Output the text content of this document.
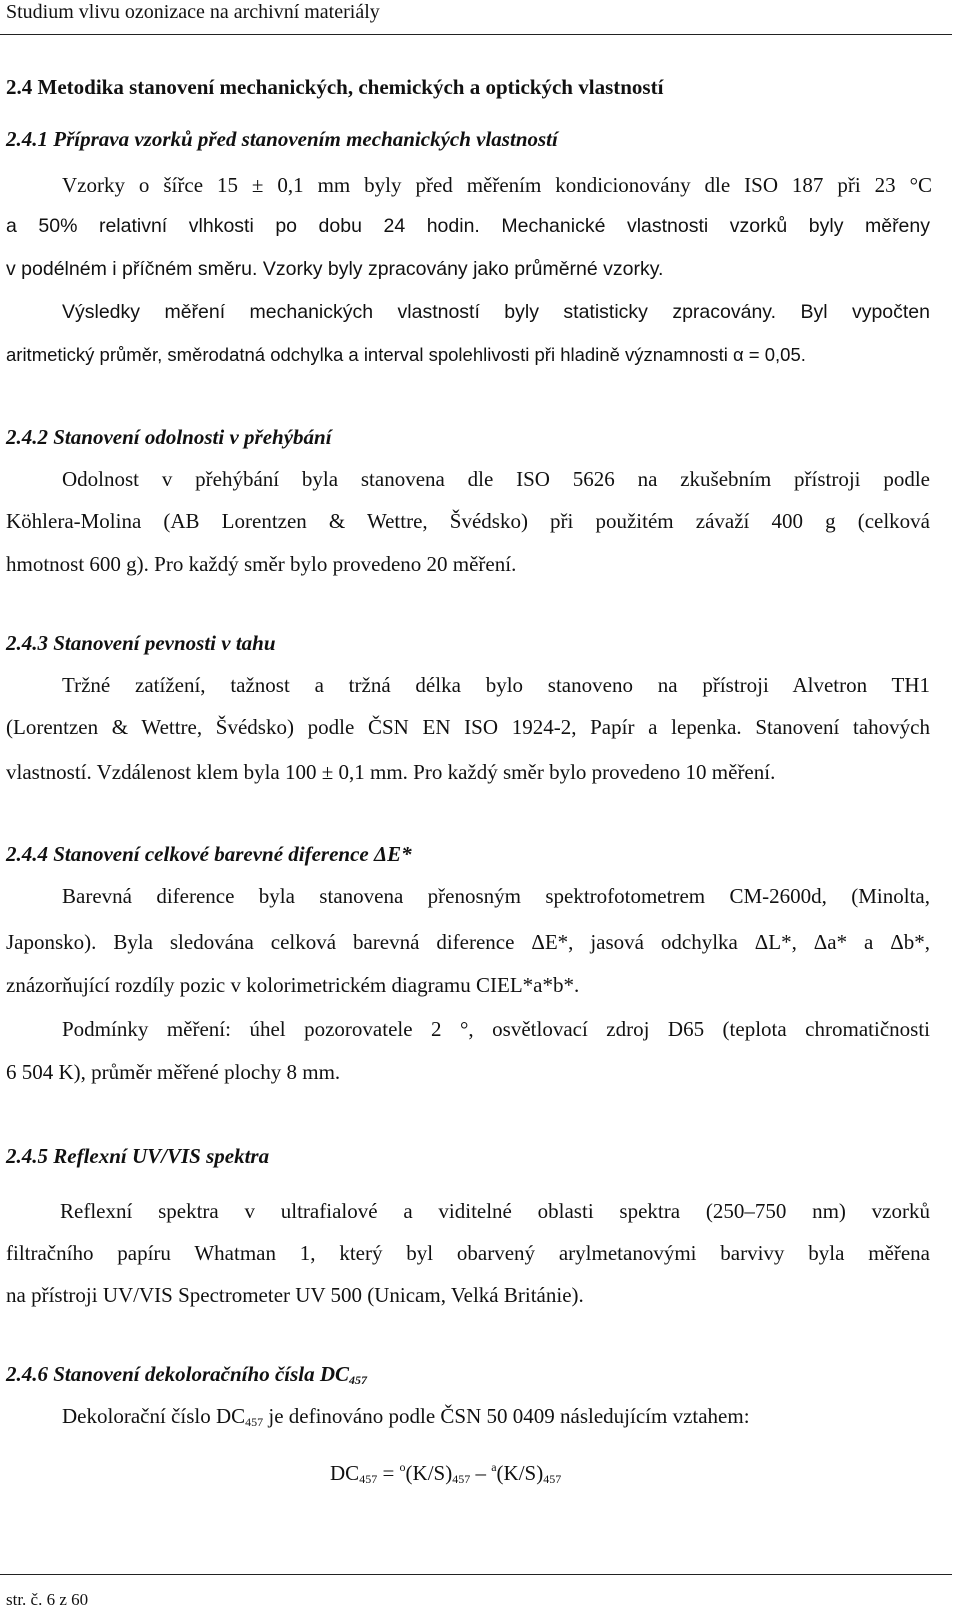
Studium vlivu ozonizace na archivní materiály
2.4 Metodika stanovení mechanických, chemických a optických vlastností
2.4.1 Příprava vzorků před stanovením mechanických vlastností
Vzorky o šířce 15 ± 0,1 mm byly před měřením kondicionovány dle ISO 187 při 23 °C
a 50% relativní vlhkosti po dobu 24 hodin. Mechanické vlastnosti vzorků byly měřeny
v podélném i příčném směru. Vzorky byly zpracovány jako průměrné vzorky.
Výsledky měření mechanických vlastností byly statisticky zpracovány. Byl vypočten
aritmetický průměr, směrodatná odchylka a interval spolehlivosti při hladině významnosti α = 0,05.
2.4.2 Stanovení odolnosti v přehýbání
Odolnost v přehýbání byla stanovena dle ISO 5626 na zkušebním přístroji podle
Köhlera-Molina (AB Lorentzen & Wettre, Švédsko) při použitém závaží 400 g (celková
hmotnost 600 g). Pro každý směr bylo provedeno 20 měření.
2.4.3 Stanovení pevnosti v tahu
Tržné zatížení, tažnost a tržná délka bylo stanoveno na přístroji Alvetron TH1
(Lorentzen & Wettre, Švédsko) podle ČSN EN ISO 1924-2, Papír a lepenka. Stanovení tahových
vlastností. Vzdálenost klem byla 100 ± 0,1 mm. Pro každý směr bylo provedeno 10 měření.
2.4.4 Stanovení celkové barevné diference ΔE*
Barevná diference byla stanovena přenosným spektrofotometrem CM-2600d, (Minolta,
Japonsko). Byla sledována celková barevná diference ΔE*, jasová odchylka ΔL*, Δa* a Δb*,
znázorňující rozdíly pozic v kolorimetrickém diagramu CIEL*a*b*.
Podmínky měření: úhel pozorovatele 2 °, osvětlovací zdroj D65 (teplota chromatičnosti
6 504 K), průměr měřené plochy 8 mm.
2.4.5 Reflexní UV/VIS spektra
Reflexní spektra v ultrafialové a viditelné oblasti spektra (250–750 nm) vzorků
filtračního papíru Whatman 1, který byl obarvený arylmetanovými barvivy byla měřena
na přístroji UV/VIS Spectrometer UV 500 (Unicam, Velká Británie).
2.4.6 Stanovení dekoloračního čísla DC457
Dekolorační číslo DC457 je definováno podle ČSN 50 0409 následujícím vztahem:
DC457 = $^o$(K/S)457 – $^a$(K/S)457
str. č. 6 z 60
